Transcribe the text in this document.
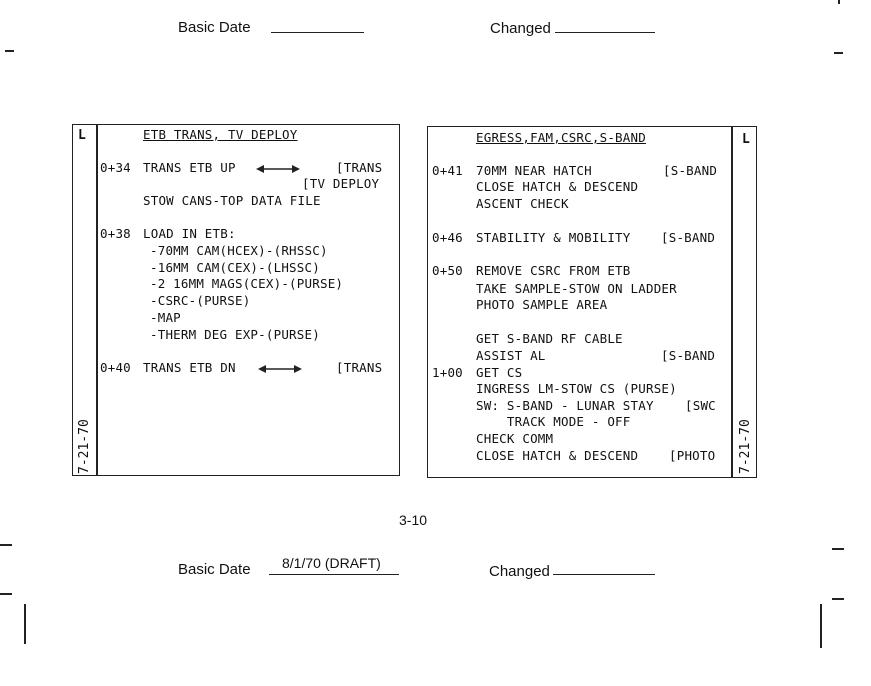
Basic Date	Changed
L
7-21-70
ETB TRANS, TV DEPLOY
0+34 TRANS ETB UP	[TRANS
[TV DEPLOY
STOW CANS-TOP DATA FILE
0+38 LOAD IN ETB:
-70MM CAM(HCEX)-(RHSSC)
-16MM CAM(CEX)-(LHSSC)
-2 16MM MAGS(CEX)-(PURSE)
-CSRC-(PURSE)
-MAP
-THERM DEG EXP-(PURSE)
0+40 TRANS ETB DN	[TRANS
L
7-21-70
EGRESS,FAM,CSRC,S-BAND
0+41 70MM NEAR HATCH	[S-BAND
CLOSE HATCH & DESCEND
ASCENT CHECK
0+46 STABILITY & MOBILITY [S-BAND
0+50 REMOVE CSRC FROM ETB
TAKE SAMPLE-STOW ON LADDER
PHOTO SAMPLE AREA
GET S-BAND RF CABLE
ASSIST AL	[S-BAND
1+00 GET CS
INGRESS LM-STOW CS (PURSE)
SW: S-BAND - LUNAR STAY	[SWC
TRACK MODE - OFF
CHECK COMM
CLOSE HATCH & DESCEND [PHOTO
3-10
Basic Date 8/1/70 (DRAFT)	Changed
